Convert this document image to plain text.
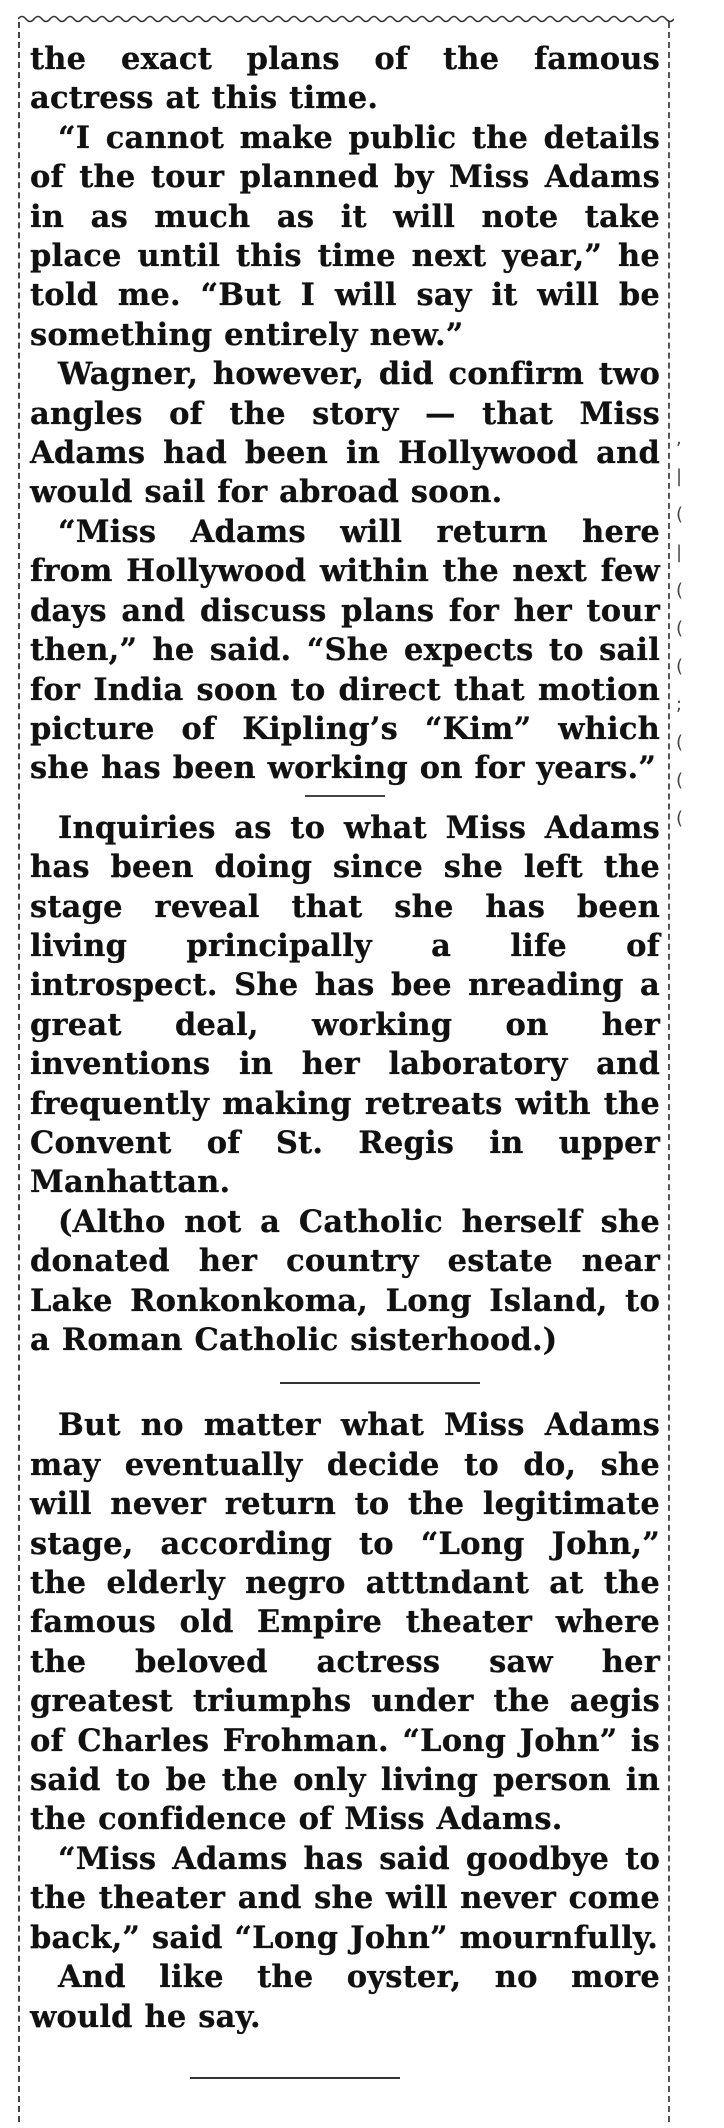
,
|
(
|
(
(
(
;
(
(
(

the exact plans of the famous actress at this time.

“I cannot make public the details of the tour planned by Miss Adams in as much as it will note take place until this time next year,” he told me. “But I will say it will be something entirely new.”

Wagner, however, did confirm two angles of the story — that Miss Adams had been in Hollywood and would sail for abroad soon.

“Miss Adams will return here from Hollywood within the next few days and discuss plans for her tour then,” he said. “She expects to sail for India soon to direct that motion picture of Kipling’s “Kim” which she has been working on for years.”

Inquiries as to what Miss Adams has been doing since she left the stage reveal that she has been living principally a life of introspect. She has bee nreading a great deal, working on her inventions in her laboratory and frequently making retreats with the Convent of St. Regis in upper Manhattan.

(Altho not a Catholic herself she donated her country estate near Lake Ronkonkoma, Long Island, to a Roman Catholic sisterhood.)

But no matter what Miss Adams may eventually decide to do, she will never return to the legitimate stage, according to “Long John,” the elderly negro atttndant at the famous old Empire theater where the beloved actress saw her greatest triumphs under the aegis of Charles Frohman. “Long John” is said to be the only living person in the confidence of Miss Adams.

“Miss Adams has said goodbye to the theater and she will never come back,” said “Long John” mournfully.

And like the oyster, no more would he say.
